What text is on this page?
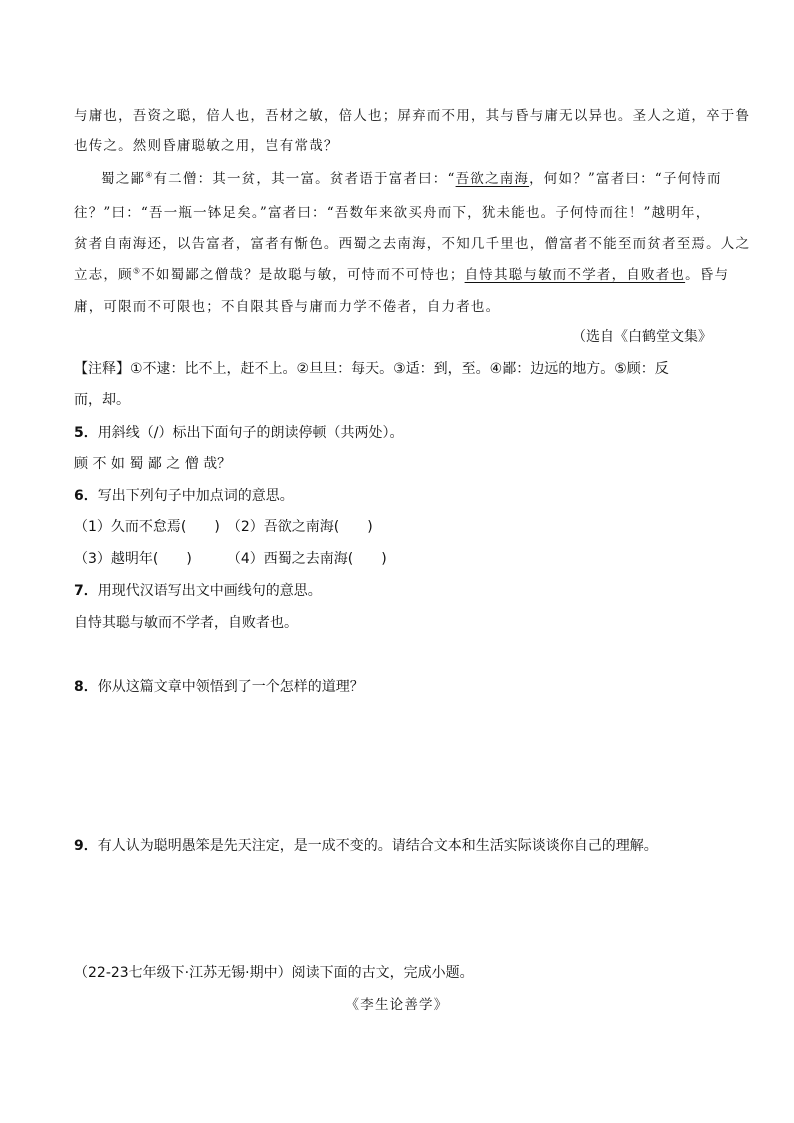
与庸也，吾资之聪，倍人也，吾材之敏，倍人也；屏弃而不用，其与昏与庸无以异也。圣人之道，卒于鲁
也传之。然则昏庸聪敏之用，岂有常哉？
蜀之鄙④有二僧：其一贫，其一富。贫者语于富者曰：“吾欲之南海，何如？”富者曰：“子何恃而
往？”曰：“吾一瓶一钵足矣。”富者曰：“吾数年来欲买舟而下，犹未能也。子何恃而往！”越明年，
贫者自南海还，以告富者，富者有惭色。西蜀之去南海，不知几千里也，僧富者不能至而贫者至焉。人之
立志，顾⑤不如蜀鄙之僧哉？是故聪与敏，可恃而不可恃也；自恃其聪与敏而不学者，自败者也。昏与
庸，可限而不可限也；不自限其昏与庸而力学不倦者，自力者也。
（选自《白鹤堂文集》
【注释】①不逮：比不上，赶不上。②旦旦：每天。③适：到，至。④鄙：边远的地方。⑤顾：反
而，却。
5．用斜线（/）标出下面句子的朗读停顿（共两处）。
顾 不 如 蜀 鄙 之 僧 哉？
6．写出下列句子中加点词的意思。
（1）久而不怠焉(　　)　（2）吾欲之南海(　　)
（3）越明年(　　)　　　（4）西蜀之去南海(　　)
7．用现代汉语写出文中画线句的意思。
自恃其聪与敏而不学者，自败者也。
8．你从这篇文章中领悟到了一个怎样的道理？
9．有人认为聪明愚笨是先天注定，是一成不变的。请结合文本和生活实际谈谈你自己的理解。
（22-23七年级下·江苏无锡·期中）阅读下面的古文，完成小题。
《李生论善学》
